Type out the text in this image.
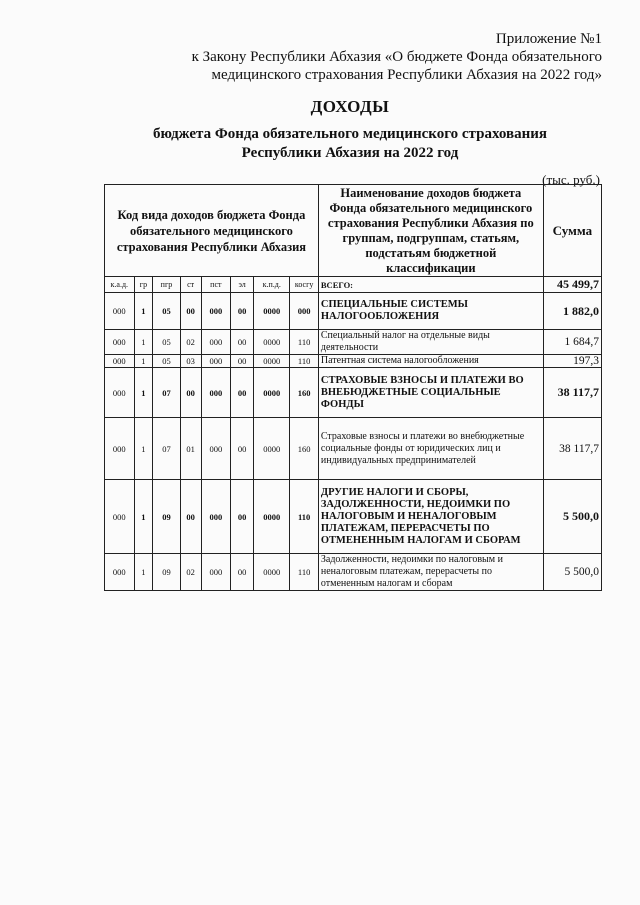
Приложение №1
к Закону Республики Абхазия «О бюджете Фонда обязательного
медицинского страхования Республики Абхазия на 2022 год»
ДОХОДЫ
бюджета Фонда обязательного медицинского страхования
Республики Абхазия на 2022 год
(тыс. руб.)
Код вида доходов бюджета Фонда обязательного медицинского страхования Республики Абхазия								Наименование доходов бюджета Фонда обязательного медицинского страхования Республики Абхазия по группам, подгруппам, статьям, подстатьям бюджетной классификации	Сумма
к.а.д.	гр	пгр	ст	пст	эл	к.п.д.	косгу	ВСЕГО:	45 499,7
000	1	05	00	000	00	0000	000	СПЕЦИАЛЬНЫЕ СИСТЕМЫ НАЛОГООБЛОЖЕНИЯ	1 882,0
000	1	05	02	000	00	0000	110	Специальный налог на отдельные виды деятельности	1 684,7
000	1	05	03	000	00	0000	110	Патентная система налогообложения	197,3
000	1	07	00	000	00	0000	160	СТРАХОВЫЕ ВЗНОСЫ И ПЛАТЕЖИ ВО ВНЕБЮДЖЕТНЫЕ СОЦИАЛЬНЫЕ ФОНДЫ	38 117,7
000	1	07	01	000	00	0000	160	Страховые взносы и платежи во внебюджетные социальные фонды от юридических лиц и индивидуальных предпринимателей	38 117,7
000	1	09	00	000	00	0000	110	ДРУГИЕ НАЛОГИ И СБОРЫ, ЗАДОЛЖЕННОСТИ, НЕДОИМКИ ПО НАЛОГОВЫМ И НЕНАЛОГОВЫМ ПЛАТЕЖАМ, ПЕРЕРАСЧЕТЫ ПО ОТМЕНЕННЫМ НАЛОГАМ И СБОРАМ	5 500,0
000	1	09	02	000	00	0000	110	Задолженности, недоимки по налоговым и неналоговым платежам, перерасчеты по отмененным налогам и сборам	5 500,0
